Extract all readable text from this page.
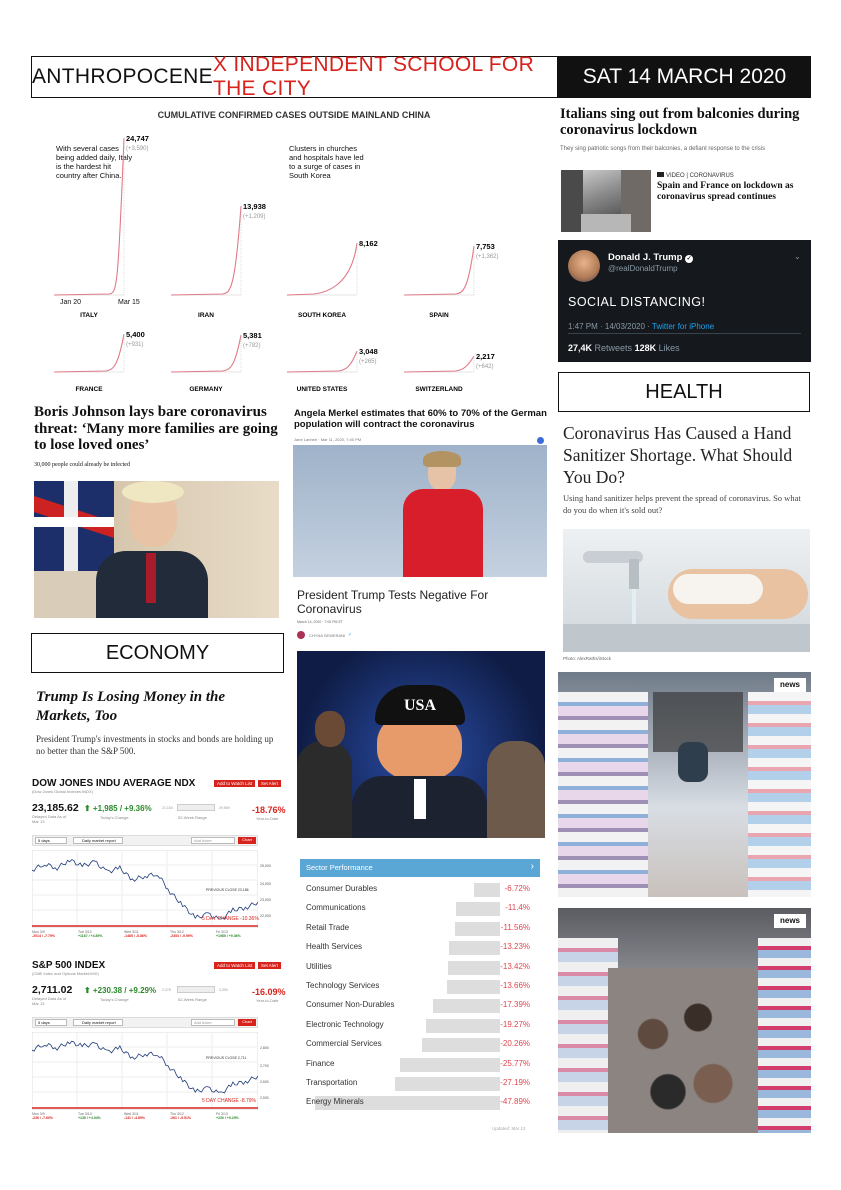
ANTHROPOCENE
X INDEPENDENT SCHOOL FOR THE CITY
SAT 14 MARCH 2020
CUMULATIVE CONFIRMED CASES OUTSIDE MAINLAND CHINA
With several cases being added daily, Italy is the hardest hit country after China.
Clusters in churches and hospitals have led to a surge of cases in South Korea
ITALY
24,747
(+3,590)
IRAN
13,938
(+1,209)
SOUTH KOREA
8,162
SPAIN
7,753
(+1,362)
FRANCE
5,400
(+931)
GERMANY
5,381
(+782)
UNITED STATES
3,048
(+265)
SWITZERLAND
2,217
(+642)
Jan 20	Mar 15
Italians sing out from balconies during coronavirus lockdown
They sing patriotic songs from their balconies, a defiant response to the crisis
VIDEO | CORONAVIRUS
Spain and France on lockdown as coronavirus spread continues
Donald J. Trump ✓
@realDonaldTrump
⌄
SOCIAL DISTANCING!
1:47 PM · 14/03/2020 · Twitter for iPhone
27,4K Retweets 128K Likes
HEALTH
Boris Johnson lays bare coronavirus threat: ‘Many more families are going to lose loved ones’
30,000 people could already be infected
Angela Merkel estimates that 60% to 70% of the German population will contract the coronavirus
Jane Lanhee · Mar 11, 2020, 7:40 PM
President Trump Tests Negative For Coronavirus
March 14, 2020 · 7:00 PM ET
CHYNA SEWERANI ✓
USA
Coronavirus Has Caused a Hand Sanitizer Shortage. What Should You Do?
Using hand sanitizer helps prevent the spread of coronavirus. So what do you do when it's sold out?
Photo: AlexRaths/iStock
news
news
ECONOMY
Trump Is Losing Money in the Markets, Too
President Trump's investments in stocks and bonds are holding up no better than the S&P 500.
DOW JONES INDU AVERAGE NDX
(Dow Jones Global Indexes:INDX)
Add to Watch List	Set Alert
23,185.62
Delayed Data As of Mar 13
⬆ +1,985 / +9.36%
Today's Change
21,154	29,569
52-Week Range
-18.76%
Year-to-Date
5 days	Daily market report	Add ticker	Chart
25,000
24,000
23,000
22,000
PREVIOUS CLOSE 23,186
5 DAY CHANGE -10.36%
Mon 3/9
-2014 / -7.79%
Tue 3/10
+1167 / +4.89%
Wed 3/11
-1465 / -5.86%
Thu 3/12
-2353 / -9.99%
Fri 3/13
+1985 / +9.36%
S&P 500 INDEX
(CME Index and Options Market:IMX)
Add to Watch List	Set Alert
2,711.02
Delayed Data As of Mar 13
⬆ +230.38 / +9.29%
Today's Change
2,478	3,394
52-Week Range
-16.09%
Year-to-Date
5 days	Daily market report	Add ticker	Chart
2,800
2,700
2,600
2,500
PREVIOUS CLOSE 2,711
5 DAY CHANGE -8.79%
Mon 3/9
-226 / -7.60%
Tue 3/10
+135 / +4.94%
Wed 3/11
-141 / -4.89%
Thu 3/12
-261 / -9.51%
Fri 3/13
+230 / +9.29%
Sector Performance	›
Consumer Durables	-6.72%
Communications	-11.4%
Retail Trade	-11.56%
Health Services	-13.23%
Utilities	-13.42%
Technology Services	-13.66%
Consumer Non-Durables	-17.39%
Electronic Technology	-19.27%
Commercial Services	-20.26%
Finance	-25.77%
Transportation	-27.19%
Energy Minerals	-47.89%
Updated: Mar 13
